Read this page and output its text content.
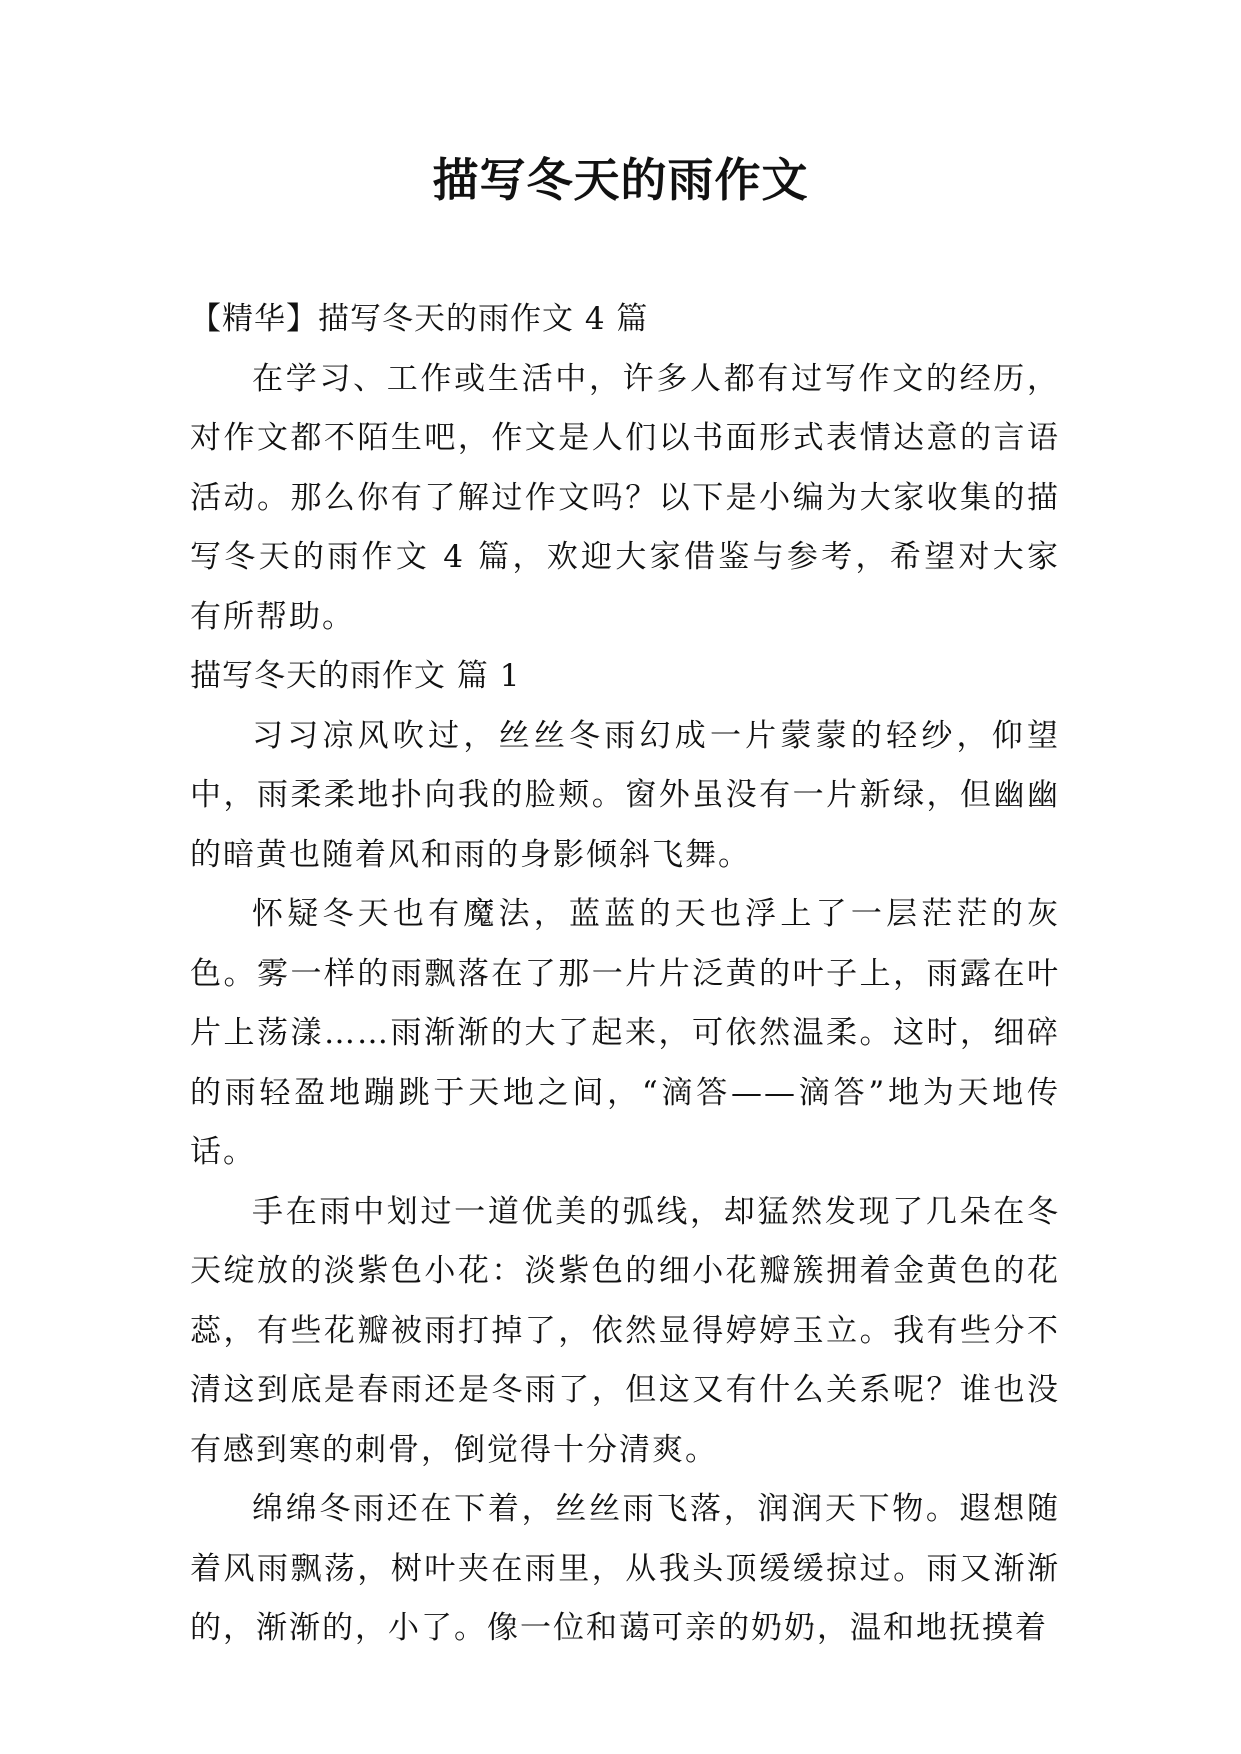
描写冬天的雨作文

【精华】描写冬天的雨作文 4 篇

在学习、工作或生活中，许多人都有过写作文的经历，对作文都不陌生吧，作文是人们以书面形式表情达意的言语活动。那么你有了解过作文吗？以下是小编为大家收集的描写冬天的雨作文 4 篇，欢迎大家借鉴与参考，希望对大家有所帮助。

描写冬天的雨作文 篇 1

习习凉风吹过，丝丝冬雨幻成一片蒙蒙的轻纱，仰望中，雨柔柔地扑向我的脸颊。窗外虽没有一片新绿，但幽幽的暗黄也随着风和雨的身影倾斜飞舞。

怀疑冬天也有魔法，蓝蓝的天也浮上了一层茫茫的灰色。雾一样的雨飘落在了那一片片泛黄的叶子上，雨露在叶片上荡漾……雨渐渐的大了起来，可依然温柔。这时，细碎的雨轻盈地蹦跳于天地之间，“滴答——滴答”地为天地传话。

手在雨中划过一道优美的弧线，却猛然发现了几朵在冬天绽放的淡紫色小花：淡紫色的细小花瓣簇拥着金黄色的花蕊，有些花瓣被雨打掉了，依然显得婷婷玉立。我有些分不清这到底是春雨还是冬雨了，但这又有什么关系呢？谁也没有感到寒的刺骨，倒觉得十分清爽。

绵绵冬雨还在下着，丝丝雨飞落，润润天下物。遐想随着风雨飘荡，树叶夹在雨里，从我头顶缓缓掠过。雨又渐渐的，渐渐的，小了。像一位和蔼可亲的奶奶，温和地抚摸着
